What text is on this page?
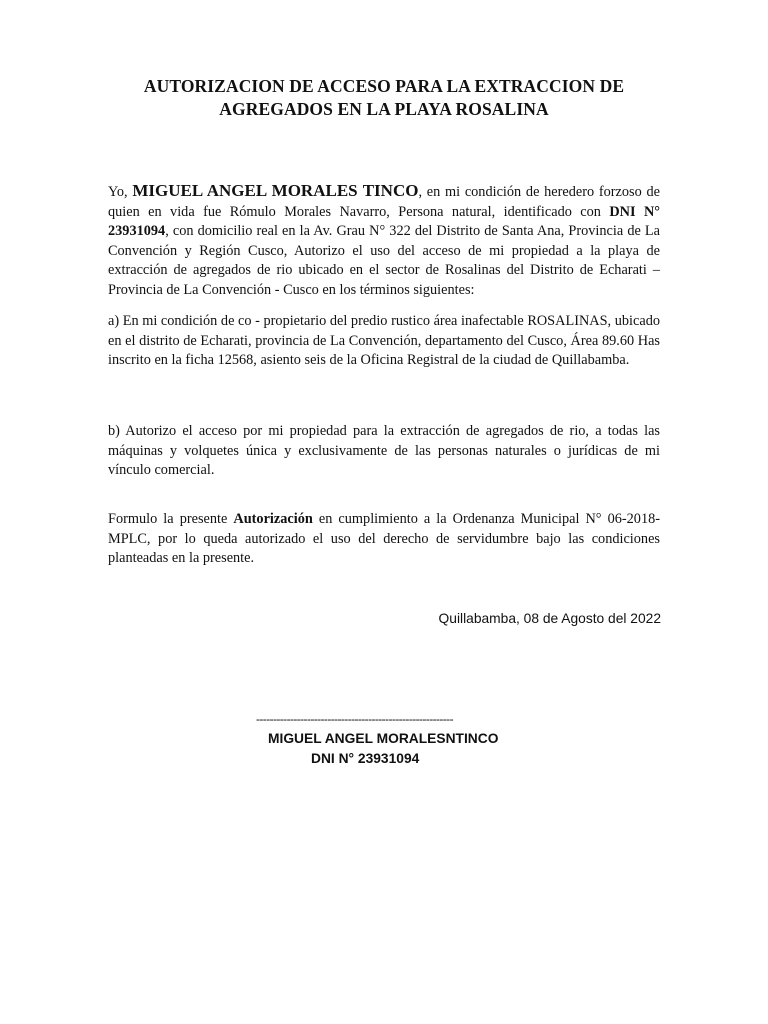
AUTORIZACION DE ACCESO PARA LA EXTRACCION DE
AGREGADOS EN LA PLAYA ROSALINA
Yo, MIGUEL ANGEL MORALES TINCO, en mi condición de heredero forzoso de quien en vida fue Rómulo Morales Navarro, Persona natural, identificado con DNI N° 23931094, con domicilio real en la Av. Grau N° 322 del Distrito de Santa Ana, Provincia de La Convención y Región Cusco, Autorizo el uso del acceso de mi propiedad a la playa de extracción de agregados de rio ubicado en el sector de Rosalinas del Distrito de Echarati – Provincia de La Convención - Cusco en los términos siguientes:
a) En mi condición de co - propietario del predio rustico área inafectable ROSALINAS, ubicado en el distrito de Echarati, provincia de La Convención, departamento del Cusco, Área 89.60 Has inscrito en la ficha 12568, asiento seis de la Oficina Registral de la ciudad de Quillabamba.
b) Autorizo el acceso por mi propiedad para la extracción de agregados de rio, a todas las máquinas y volquetes única y exclusivamente de las personas naturales o jurídicas de mi vínculo comercial.
Formulo la presente Autorización en cumplimiento a la Ordenanza Municipal N° 06-2018-MPLC, por lo queda autorizado el uso del derecho de servidumbre bajo las condiciones planteadas en la presente.
Quillabamba, 08 de Agosto del 2022
----------------------------------------------------------
MIGUEL ANGEL MORALESNTINCO
DNI N° 23931094
